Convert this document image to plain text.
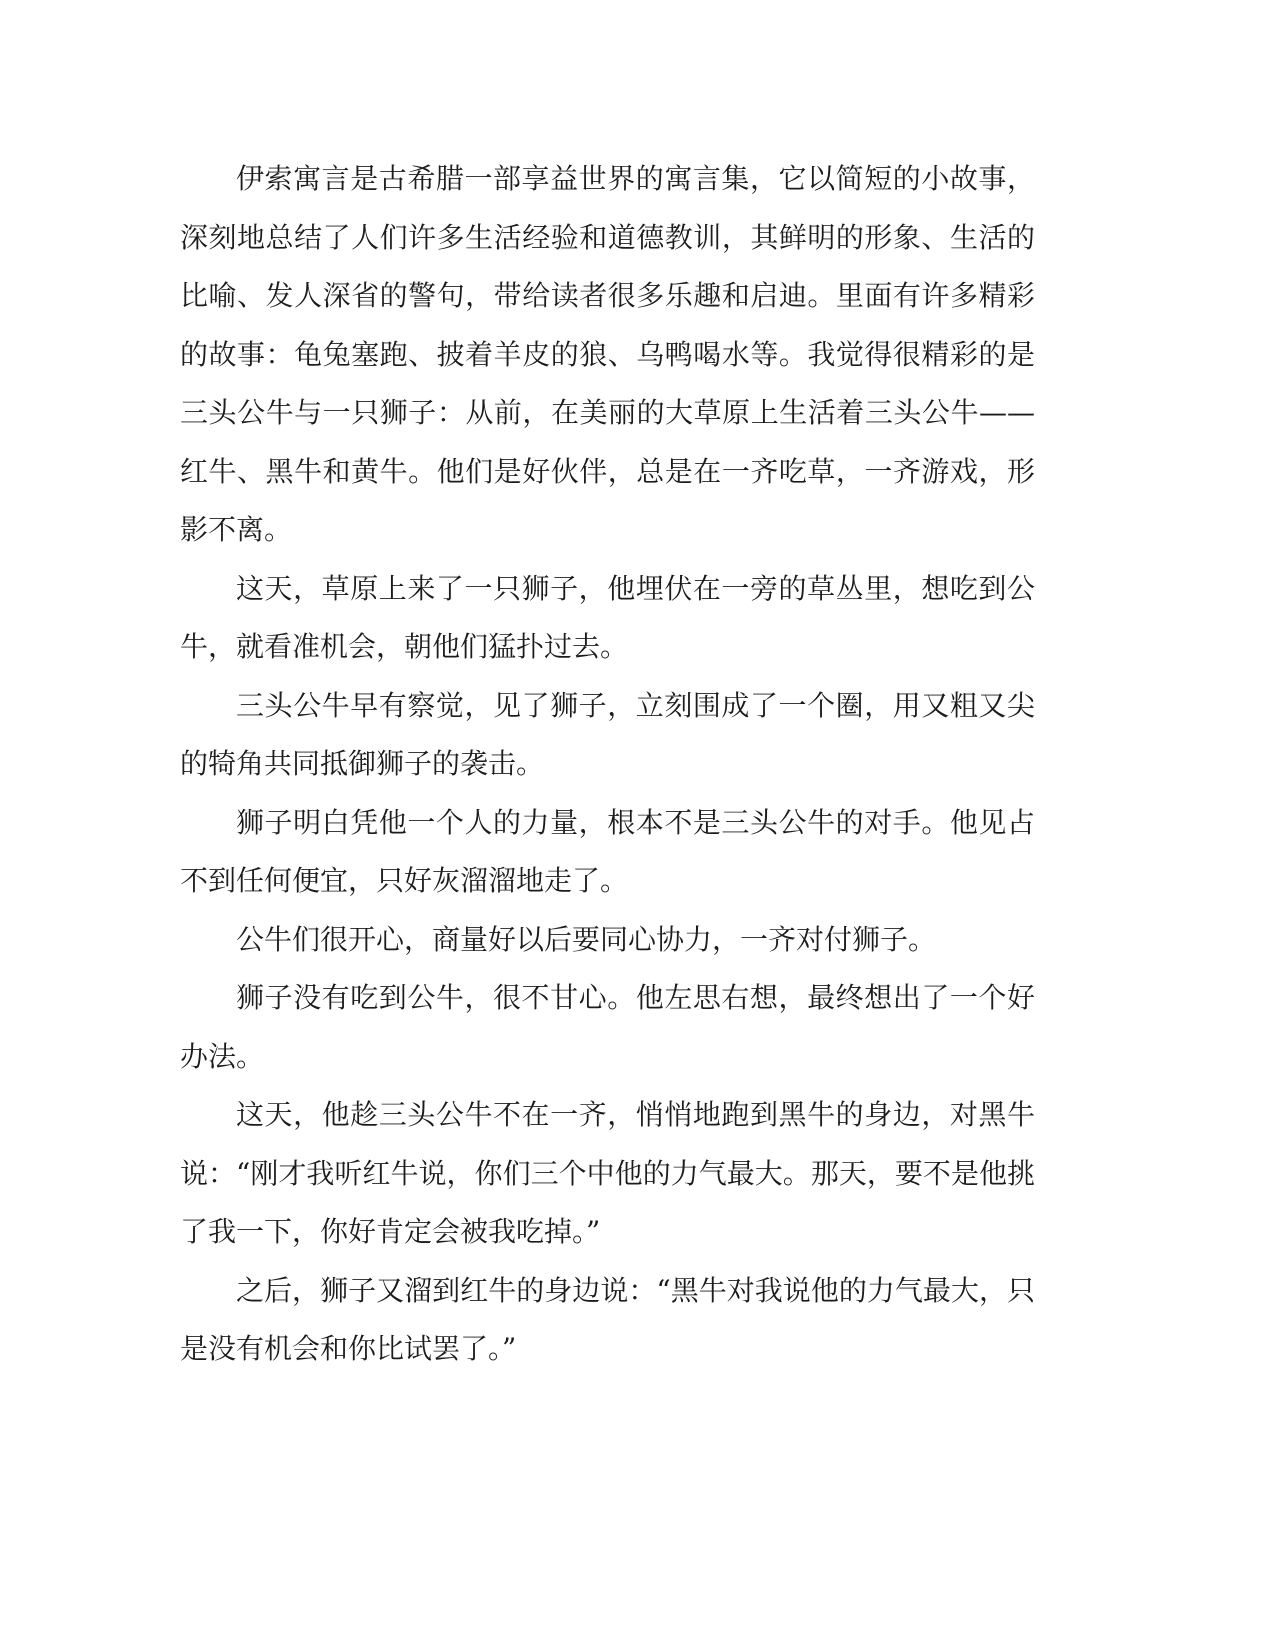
伊索寓言是古希腊一部享益世界的寓言集，它以简短的小故事，深刻地总结了人们许多生活经验和道德教训，其鲜明的形象、生活的比喻、发人深省的警句，带给读者很多乐趣和启迪。里面有许多精彩的故事：龟兔塞跑、披着羊皮的狼、乌鸭喝水等。我觉得很精彩的是三头公牛与一只狮子：从前，在美丽的大草原上生活着三头公牛——红牛、黑牛和黄牛。他们是好伙伴，总是在一齐吃草，一齐游戏，形影不离。

这天，草原上来了一只狮子，他埋伏在一旁的草丛里，想吃到公牛，就看准机会，朝他们猛扑过去。

三头公牛早有察觉，见了狮子，立刻围成了一个圈，用又粗又尖的犄角共同抵御狮子的袭击。

狮子明白凭他一个人的力量，根本不是三头公牛的对手。他见占不到任何便宜，只好灰溜溜地走了。

公牛们很开心，商量好以后要同心协力，一齐对付狮子。

狮子没有吃到公牛，很不甘心。他左思右想，最终想出了一个好办法。

这天，他趁三头公牛不在一齐，悄悄地跑到黑牛的身边，对黑牛说：“刚才我听红牛说，你们三个中他的力气最大。那天，要不是他挑了我一下，你好肯定会被我吃掉。”

之后，狮子又溜到红牛的身边说：“黑牛对我说他的力气最大，只是没有机会和你比试罢了。”
